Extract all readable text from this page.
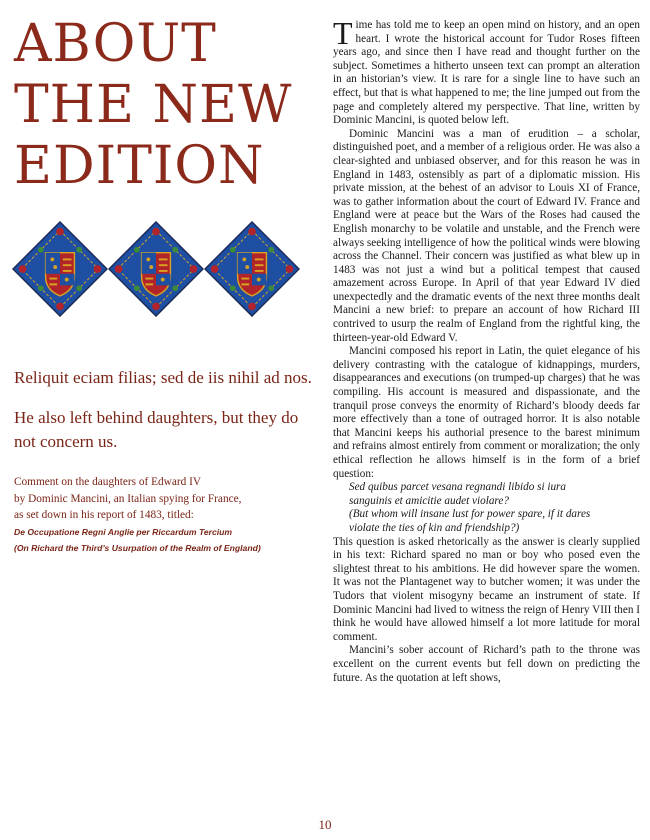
ABOUT
THE NEW
EDITION

Reliquit eciam filias; sed de iis nihil ad nos.

He also left behind daughters, but they do not concern us.

Comment on the daughters of Edward IV
by Dominic Mancini, an Italian spying for France,
as set down in his report of 1483, titled:
De Occupatione Regni Anglie per Riccardum Tercium
(On Richard the Third’s Usurpation of the Realm of England)

Time has told me to keep an open mind on history, and an open heart. I wrote the historical account for Tudor Roses fifteen years ago, and since then I have read and thought further on the subject. Sometimes a hitherto unseen text can prompt an alteration in an historian’s view. It is rare for a single line to have such an effect, but that is what happened to me; the line jumped out from the page and completely altered my perspective. That line, written by Dominic Mancini, is quoted below left.

Dominic Mancini was a man of erudition – a scholar, distinguished poet, and a member of a religious order. He was also a clear-sighted and unbiased observer, and for this reason he was in England in 1483, ostensibly as part of a diplomatic mission. His private mission, at the behest of an advisor to Louis XI of France, was to gather information about the court of Edward IV. France and England were at peace but the Wars of the Roses had caused the English monarchy to be volatile and unstable, and the French were always seeking intelligence of how the political winds were blowing across the Channel. Their concern was justified as what blew up in 1483 was not just a wind but a political tempest that caused amazement across Europe. In April of that year Edward IV died unexpectedly and the dramatic events of the next three months dealt Mancini a new brief: to prepare an account of how Richard III contrived to usurp the realm of England from the rightful king, the thirteen-year-old Edward V.

Mancini composed his report in Latin, the quiet elegance of his delivery contrasting with the catalogue of kidnappings, murders, disappearances and executions (on trumped-up charges) that he was compiling. His account is measured and dispassionate, and the tranquil prose conveys the enormity of Richard’s bloody deeds far more effectively than a tone of outraged horror. It is also notable that Mancini keeps his authorial presence to the barest minimum and refrains almost entirely from comment or moralization; the only ethical reflection he allows himself is in the form of a brief question:

Sed quibus parcet vesana regnandi libido si iura
sanguinis et amicitie audet violare?
(But whom will insane lust for power spare, if it dares
violate the ties of kin and friendship?)

This question is asked rhetorically as the answer is clearly supplied in his text: Richard spared no man or boy who posed even the slightest threat to his ambitions. He did however spare the women. It was not the Plantagenet way to butcher women; it was under the Tudors that violent misogyny became an instrument of state. If Dominic Mancini had lived to witness the reign of Henry VIII then I think he would have allowed himself a lot more latitude for moral comment.

Mancini’s sober account of Richard’s path to the throne was excellent on the current events but fell down on predicting the future. As the quotation at left shows,

10
